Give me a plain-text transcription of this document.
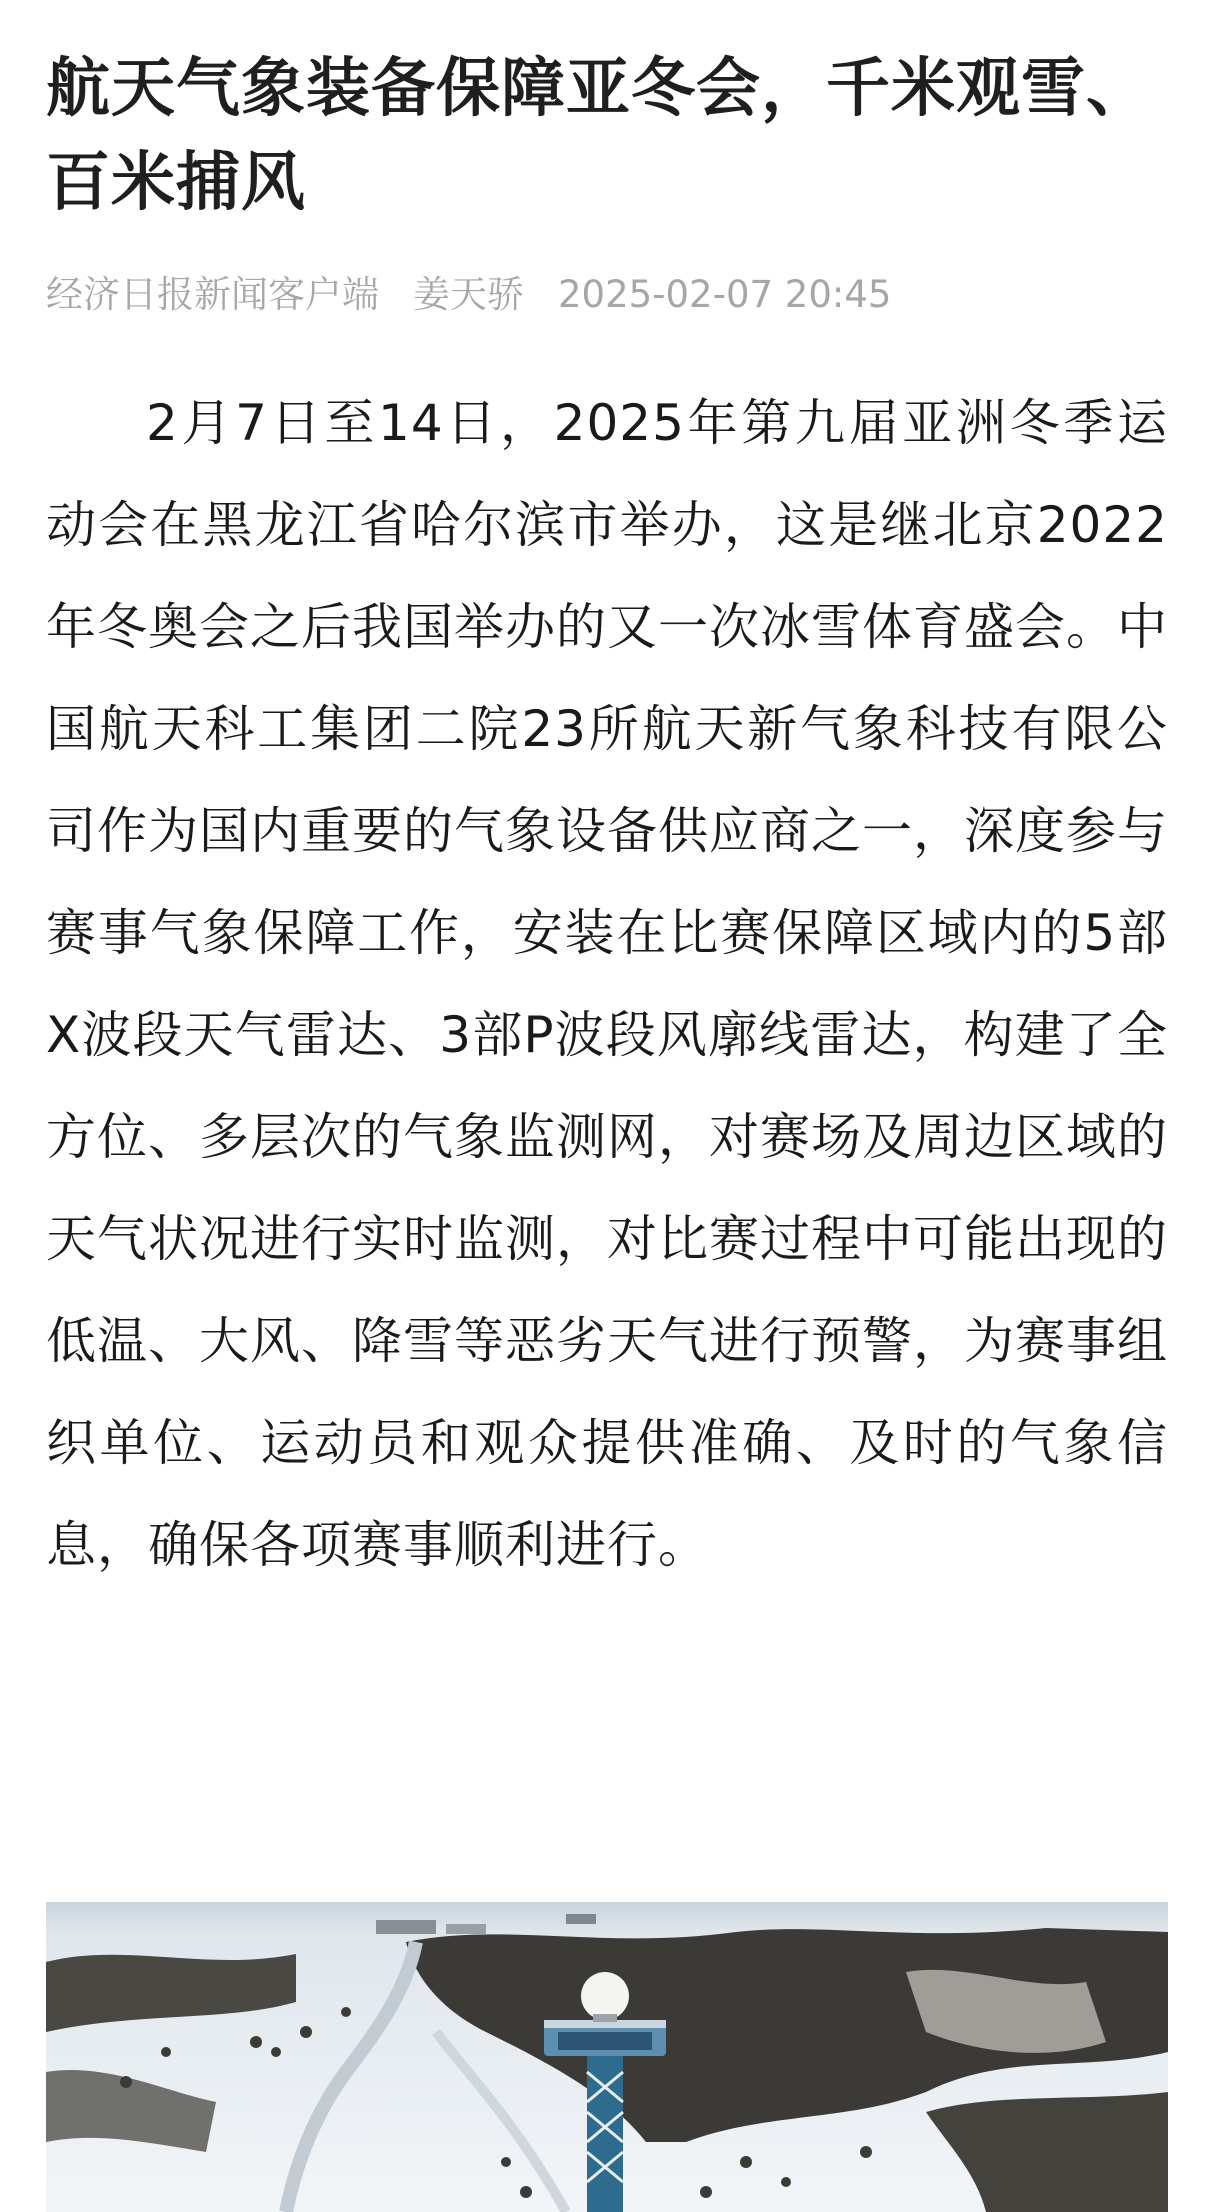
航天气象装备保障亚冬会，千米观雪、百米捕风
经济日报新闻客户端 姜天骄 2025-02-07 20:45

2月7日至14日，2025年第九届亚洲冬季运动会在黑龙江省哈尔滨市举办，这是继北京2022年冬奥会之后我国举办的又一次冰雪体育盛会。中国航天科工集团二院23所航天新气象科技有限公司作为国内重要的气象设备供应商之一，深度参与赛事气象保障工作，安装在比赛保障区域内的5部X波段天气雷达、3部P波段风廓线雷达，构建了全方位、多层次的气象监测网，对赛场及周边区域的天气状况进行实时监测，对比赛过程中可能出现的低温、大风、降雪等恶劣天气进行预警，为赛事组织单位、运动员和观众提供准确、及时的气象信息，确保各项赛事顺利进行。
